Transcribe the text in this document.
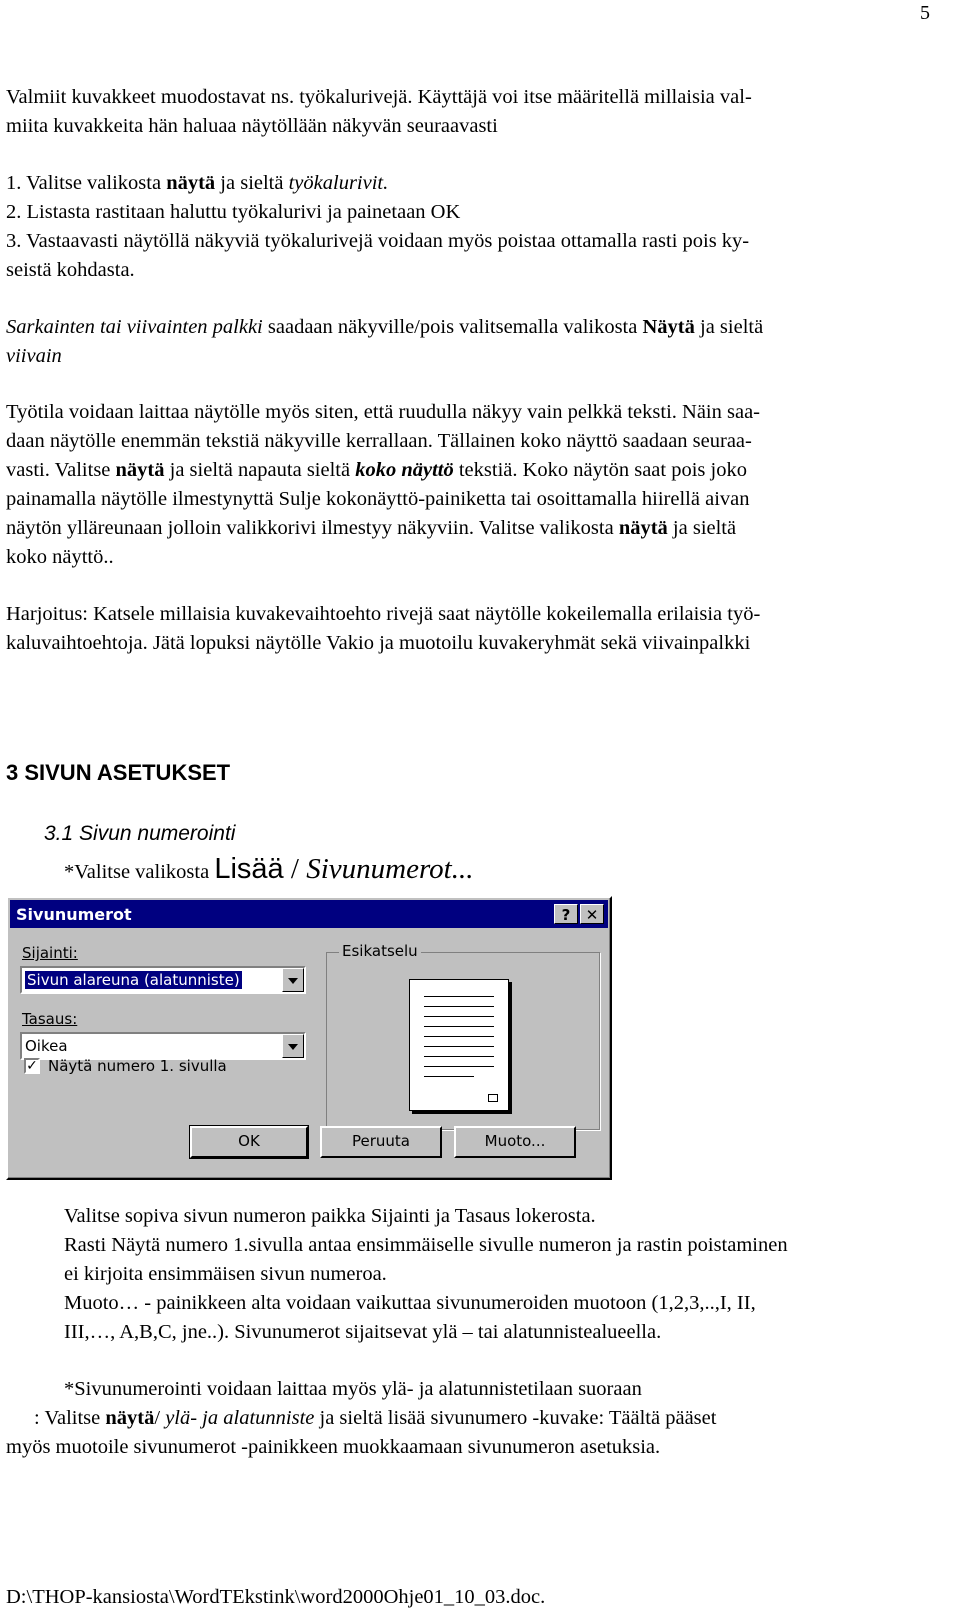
5

Valmiit kuvakkeet muodostavat ns. työkalurivejä. Käyttäjä voi itse määritellä millaisia val-

miita kuvakkeita hän haluaa näytöllään näkyvän seuraavasti

1. Valitse valikosta näytä ja sieltä työkalurivit.

2. Listasta rastitaan haluttu työkalurivi ja painetaan OK

3. Vastaavasti näytöllä näkyviä työkalurivejä voidaan myös poistaa ottamalla rasti pois ky-

seistä kohdasta.

Sarkainten tai viivainten palkki saadaan näkyville/pois valitsemalla valikosta Näytä ja sieltä

viivain

Työtila voidaan laittaa näytölle myös siten, että ruudulla näkyy vain pelkkä teksti. Näin saa-

daan näytölle enemmän tekstiä näkyville kerrallaan. Tällainen koko näyttö saadaan seuraa-

vasti. Valitse näytä ja sieltä napauta sieltä koko näyttö tekstiä. Koko näytön saat pois joko

painamalla näytölle ilmestynyttä Sulje kokonäyttö-painiketta tai osoittamalla hiirellä aivan

näytön ylläreunaan jolloin valikkorivi ilmestyy näkyviin. Valitse valikosta näytä ja sieltä

koko näyttö..

Harjoitus: Katsele millaisia kuvakevaihtoehto rivejä saat näytölle kokeilemalla erilaisia työ-

kaluvaihtoehtoja. Jätä lopuksi näytölle Vakio ja muotoilu kuvakeryhmät sekä viivainpalkki

3 SIVUN ASETUKSET
3.1 Sivun numerointi

*Valitse valikosta Lisää / Sivunumerot...

Sivunumerot	?	✕
Sijainti:
Sivun alareuna (alatunniste)
Tasaus:
Oikea
Esikatselu
✓ Näytä numero 1. sivulla
OK	Peruuta	Muoto...

Valitse sopiva sivun numeron paikka Sijainti ja Tasaus lokerosta.

Rasti Näytä numero 1.sivulla antaa ensimmäiselle sivulle numeron ja rastin poistaminen

ei kirjoita ensimmäisen sivun numeroa.

Muoto… - painikkeen alta voidaan vaikuttaa sivunumeroiden muotoon (1,2,3,..,I, II,

III,…, A,B,C, jne..). Sivunumerot sijaitsevat ylä – tai alatunnistealueella.

*Sivunumerointi voidaan laittaa myös ylä- ja alatunnistetilaan suoraan

: Valitse näytä/ ylä- ja alatunniste ja sieltä lisää sivunumero -kuvake: Täältä pääset

myös muotoile sivunumerot -painikkeen muokkaamaan sivunumeron asetuksia.

D:\THOP-kansiosta\WordTEkstink\word2000Ohje01_10_03.doc.
